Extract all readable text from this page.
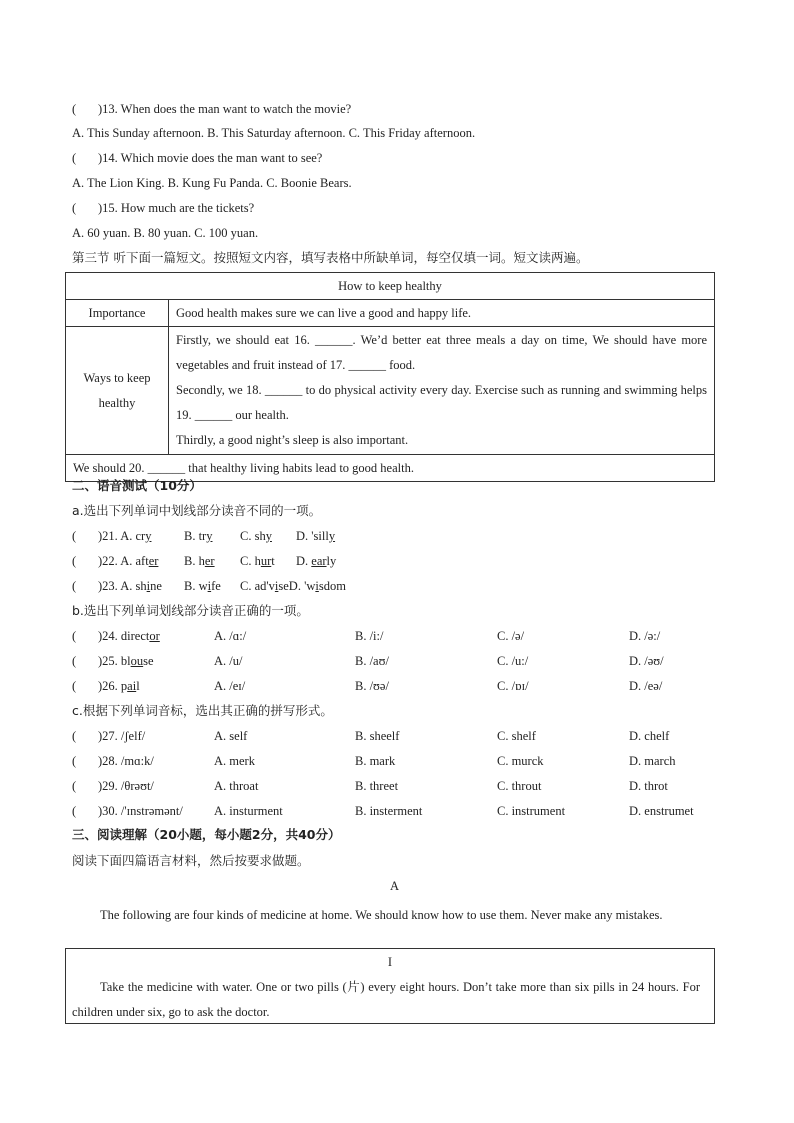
( )13. When does the man want to watch the movie?
A. This Sunday afternoon. B. This Saturday afternoon. C. This Friday afternoon.
( )14. Which movie does the man want to see?
A. The Lion King. B. Kung Fu Panda. C. Boonie Bears.
( )15. How much are the tickets?
A. 60 yuan. B. 80 yuan. C. 100 yuan.
第三节 听下面一篇短文。按照短文内容，填写表格中所缺单词，每空仅填一词。短文读两遍。
How to keep healthy	
Importance	Good health makes sure we can live a good and happy life.
Ways to keep healthy	Firstly, we should eat 16. ______. We’d better eat three meals a day on time, We should have more vegetables and fruit instead of 17. ______ food.
Secondly, we 18. ______ to do physical activity every day. Exercise such as running and swimming helps 19. ______ our health.
Thirdly, a good night’s sleep is also important.

We should 20. ______ that healthy living habits lead to good health.	
二、语音测试（10分）
a.选出下列单词中划线部分读音不同的一项。
( )21. A. cry	B. try C. shy D. 'silly
( )22. A. after B. her C. hurt D. early
( )23. A. shine B. wife C. ad'viseD. 'wisdom
b.选出下列单词划线部分读音正确的一项。
( )24. director	A. /ɑ:/	B. /i:/	C. /ə/	D. /ə:/
( )25. blouse	A. /u/	B. /aʊ/	C. /u:/	D. /əʊ/
( )26. pail	A. /eɪ/	B. /ʊə/	C. /ɒɪ/	D. /eə/
c.根据下列单词音标，选出其正确的拼写形式。
( )27. /ʃelf/	A. self	B. sheelf	C. shelf	D. chelf
( )28. /mɑ:k/	A. merk	B. mark	C. murck	D. march
( )29. /θrəʊt/	A. throat	B. threet	C. throut	D. throt
( )30. /'ɪnstrəmənt/ A. insturment	B. insterment	C. instrument	D. enstrumet
三、阅读理解（20小题，每小题2分，共40分）
阅读下面四篇语言材料，然后按要求做题。
A
The following are four kinds of medicine at home. We should know how to use them. Never make any mistakes.
I
Take the medicine with water. One or two pills (片) every eight hours. Don’t take more than six pills in 24 hours. For children under six, go to ask the doctor.
